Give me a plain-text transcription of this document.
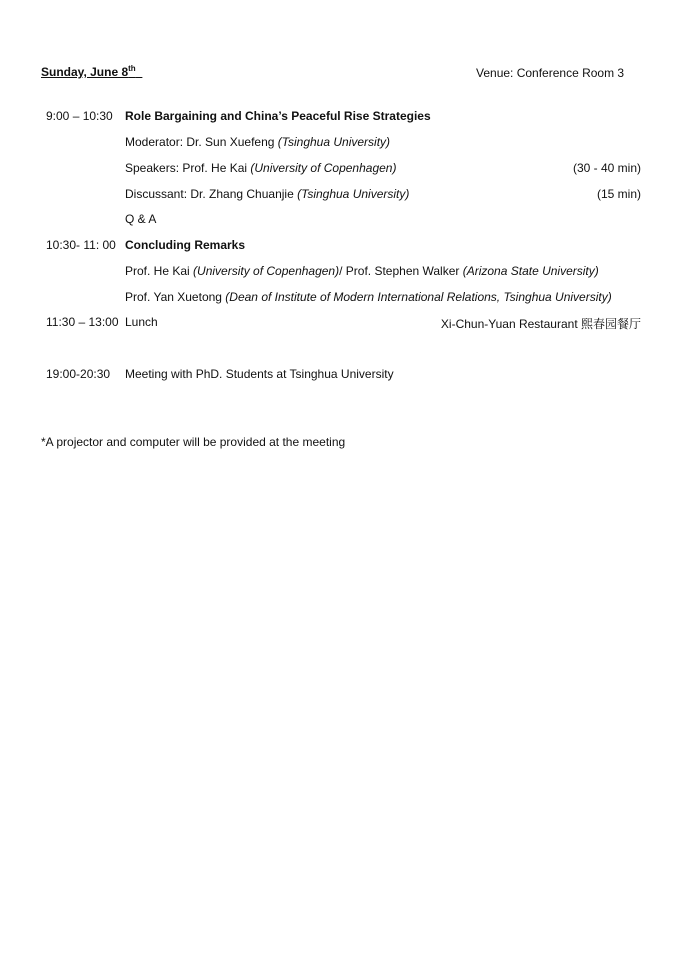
Sunday, June 8th	Venue: Conference Room 3
9:00 – 10:30 Role Bargaining and China’s Peaceful Rise Strategies
Moderator: Dr. Sun Xuefeng (Tsinghua University)
Speakers: Prof. He Kai (University of Copenhagen)	(30 - 40 min)
Discussant: Dr. Zhang Chuanjie (Tsinghua University)	(15 min)
Q & A
10:30- 11: 00 Concluding Remarks
Prof. He Kai (University of Copenhagen)/ Prof. Stephen Walker (Arizona State University)
Prof. Yan Xuetong (Dean of Institute of Modern International Relations, Tsinghua University)
11:30 – 13:00 Lunch	Xi-Chun-Yuan Restaurant 熙春园餐厅
19:00-20:30 Meeting with PhD. Students at Tsinghua University
*A projector and computer will be provided at the meeting
